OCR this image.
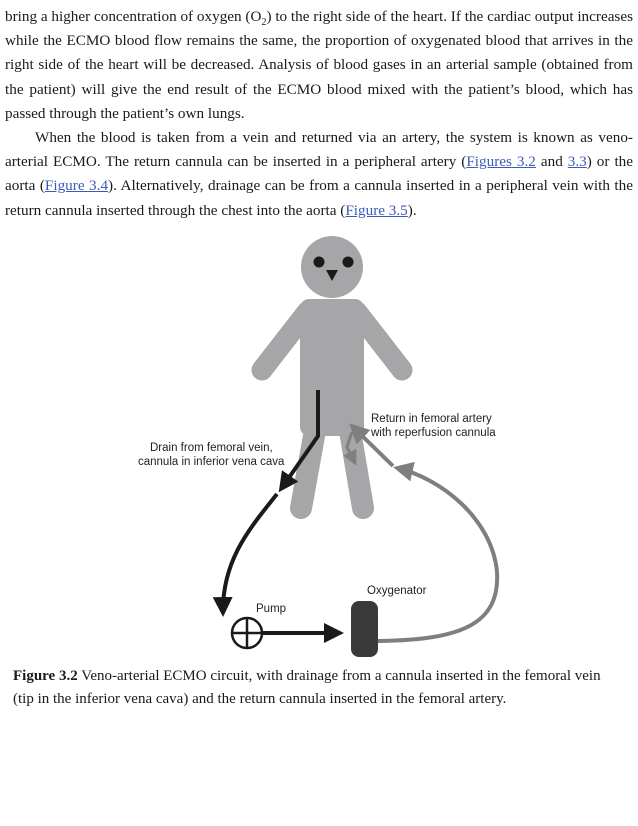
bring a higher concentration of oxygen $(O_2)$ to the right side of the heart. If the cardiac output increases while the ECMO blood flow remains the same, the proportion of oxygenated blood that arrives in the right side of the heart will be decreased. Analysis of blood gases in an arterial sample (obtained from the patient) will give the end result of the ECMO blood mixed with the patient’s blood, which has passed through the patient’s own lungs.

When the blood is taken from a vein and returned via an artery, the system is known as veno-arterial ECMO. The return cannula can be inserted in a peripheral artery (Figures 3.2 and 3.3) or the aorta (Figure 3.4). Alternatively, drainage can be from a cannula inserted in a peripheral vein with the return cannula inserted through the chest into the aorta (Figure 3.5).

Return in femoral artery
with reperfusion cannula
Drain from femoral vein,
cannula in inferior vena cava
Oxygenator
Pump

Figure 3.2 Veno-arterial ECMO circuit, with drainage from a cannula inserted in the femoral vein (tip in the inferior vena cava) and the return cannula inserted in the femoral artery.
